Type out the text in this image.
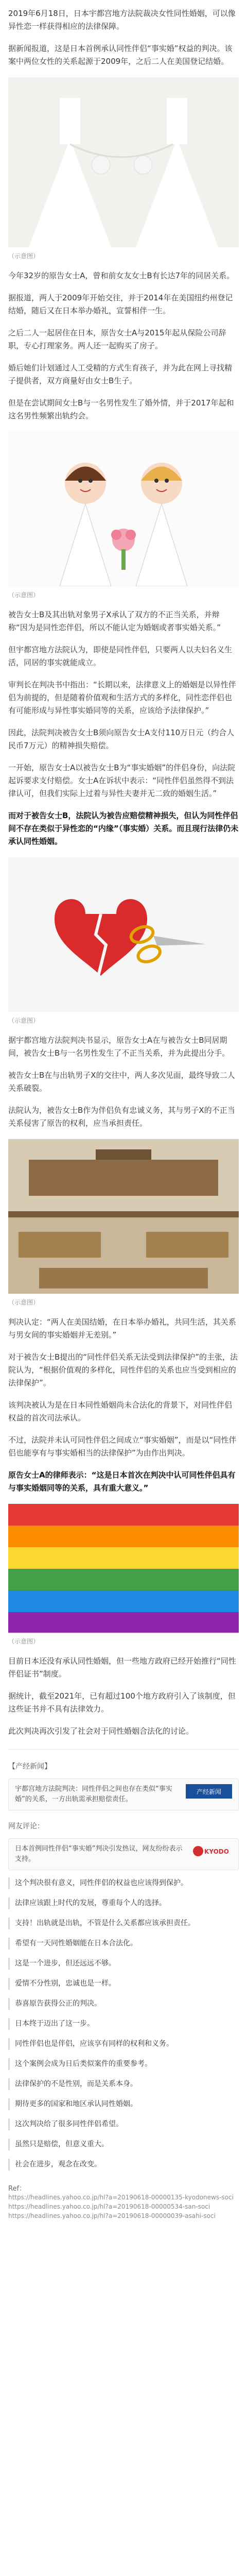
2019年6月18日，日本宇都宫地方法院裁决女性同性婚姻，可以像异性恋一样获得相应的法律保障。

据新闻报道，这是日本首例承认同性伴侣“事实婚”权益的判决。该案中两位女性的关系起源于2009年，之后二人在美国登记结婚。

（示意图）

今年32岁的原告女士A，曾和前女友女士B有长达7年的同居关系。

据报道，两人于2009年开始交往，并于2014年在美国纽约州登记结婚，随后又在日本举办婚礼，宣誓相伴一生。

之后二人一起居住在日本，原告女士A与2015年起从保险公司辞职，专心打理家务。两人还一起购买了房子。

婚后她们计划通过人工受精的方式生育孩子，并为此在网上寻找精子提供者，双方商量好由女士B生子。

但是在尝试期间女士B与一名男性发生了婚外情，并于2017年起和这名男性频繁出轨约会。

（示意图）

被告女士B及其出轨对象男子X承认了双方的不正当关系，并辩称“因为是同性恋伴侣，所以不能认定为婚姻或者事实婚关系。”

但宇都宫地方法院认为，即使是同性伴侣，只要两人以夫妇名义生活，同居的事实就能成立。

审判长在判决书中指出：“长期以来，法律意义上的婚姻是以异性伴侣为前提的，但是随着价值观和生活方式的多样化，同性恋伴侣也有可能形成与异性事实婚同等的关系，应该给予法律保护。”

因此，法院判决被告女士B须向原告女士A支付110万日元（约合人民币7万元）的精神损失赔偿。

一开始，原告女士A以被告女士B为“事实婚姻”的伴侣身份，向法院起诉要求支付赔偿。女士A在诉状中表示：“同性伴侣虽然得不到法律认可，但我们实际上过着与异性夫妻并无二致的婚姻生活。”

而对于被告女士B，法院认为被告应赔偿精神损失，但认为同性伴侣间不存在类似于异性恋的“内缘”（事实婚）关系。而且现行法律仍未承认同性婚姻。

（示意图）

据宇都宫地方法院判决书显示，原告女士A在与被告女士B同居期间，被告女士B与一名男性发生了不正当关系，并为此提出分手。

被告女士B在与出轨男子X的交往中，两人多次见面，最终导致二人关系破裂。

法院认为，被告女士B作为伴侣负有忠诚义务，其与男子X的不正当关系侵害了原告的权利，应当承担责任。

（示意图）

判决认定：“两人在美国结婚，在日本举办婚礼，共同生活，其关系与男女间的事实婚姻并无差别。”

对于被告女士B提出的“同性伴侣关系无法受到法律保护”的主张，法院认为，“根据价值观的多样化，同性伴侣的关系也应当受到相应的法律保护”。

该判决被认为是在日本同性婚姻尚未合法化的背景下，对同性伴侣权益的首次司法承认。

不过，法院并未认可同性伴侣之间成立“事实婚姻”，而是以“同性伴侣也能享有与事实婚相当的法律保护”为由作出判决。

原告女士A的律师表示：“这是日本首次在判决中认可同性伴侣具有与事实婚姻同等的关系，具有重大意义。”

（示意图）

目前日本还没有承认同性婚姻，但一些地方政府已经开始推行“同性伴侣证书”制度。

据统计，截至2021年，已有超过100个地方政府引入了该制度，但这些证书并不具有法律效力。

此次判决再次引发了社会对于同性婚姻合法化的讨论。

【产经新闻】
产经新闻
宇都宫地方法院判决：同性伴侣之间也存在类似“事实婚”的关系，一方出轨需承担赔偿责任。
网友评论：
KYODO
日本首例同性伴侣“事实婚”判决引发热议，网友纷纷表示支持。
这个判决很有意义，同性伴侣的权益也应该得到保护。
法律应该跟上时代的发展，尊重每个人的选择。
支持！出轨就是出轨，不管是什么关系都应该承担责任。
希望有一天同性婚姻能在日本合法化。
这是一个进步，但还远远不够。
爱情不分性别，忠诚也是一样。
恭喜原告获得公正的判决。
日本终于迈出了这一步。
同性伴侣也是伴侣，应该享有同样的权利和义务。
这个案例会成为日后类似案件的重要参考。
法律保护的不是性别，而是关系本身。
期待更多的国家和地区承认同性婚姻。
这次判决给了很多同性伴侣希望。
虽然只是赔偿，但意义重大。
社会在进步，观念在改变。
Ref：
https://headlines.yahoo.co.jp/hl?a=20190618-00000135-kyodonews-soci
https://headlines.yahoo.co.jp/hl?a=20190618-00000534-san-soci
https://headlines.yahoo.co.jp/hl?a=20190618-00000039-asahi-soci
